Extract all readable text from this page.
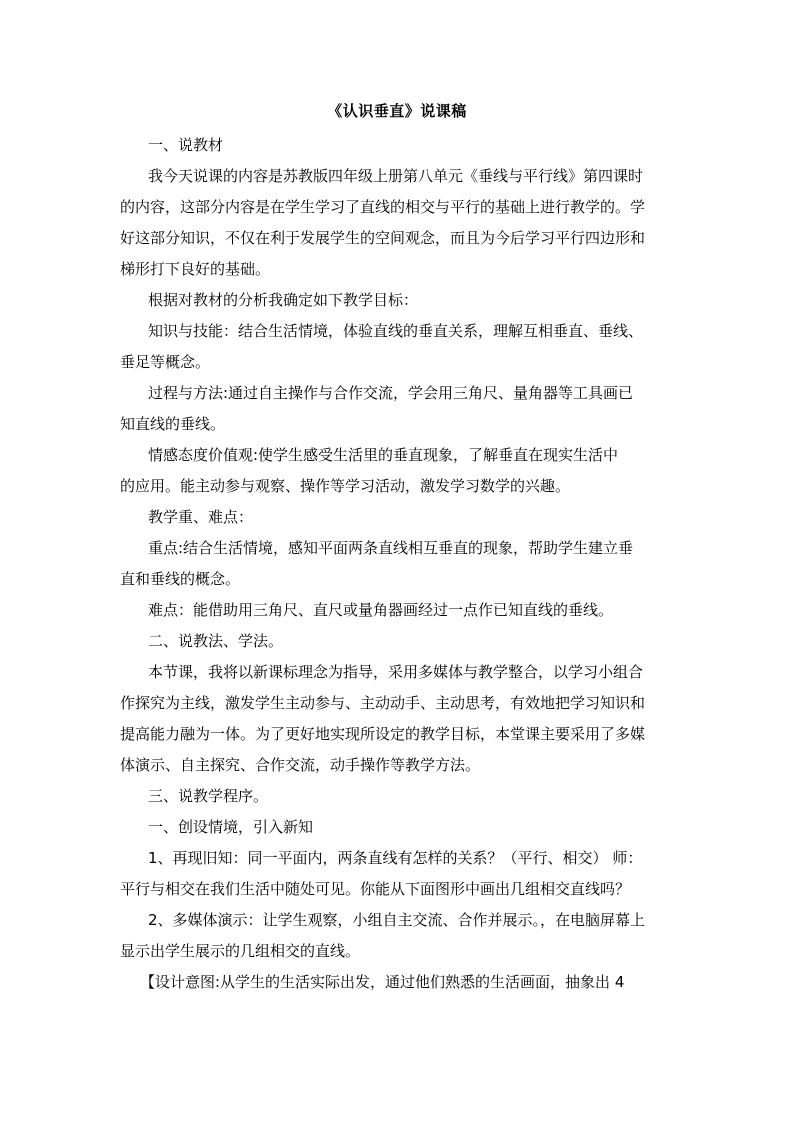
《认识垂直》说课稿
一、说教材
我今天说课的内容是苏教版四年级上册第八单元《垂线与平行线》第四课时
的内容，这部分内容是在学生学习了直线的相交与平行的基础上进行教学的。学
好这部分知识，不仅在利于发展学生的空间观念，而且为今后学习平行四边形和
梯形打下良好的基础。
根据对教材的分析我确定如下教学目标：
知识与技能：结合生活情境，体验直线的垂直关系，理解互相垂直、垂线、
垂足等概念。
过程与方法:通过自主操作与合作交流，学会用三角尺、量角器等工具画已
知直线的垂线。
情感态度价值观:使学生感受生活里的垂直现象，了解垂直在现实生活中
的应用。能主动参与观察、操作等学习活动，激发学习数学的兴趣。
教学重、难点：
重点:结合生活情境，感知平面两条直线相互垂直的现象，帮助学生建立垂
直和垂线的概念。
难点：能借助用三角尺、直尺或量角器画经过一点作已知直线的垂线。
二、说教法、学法。
本节课，我将以新课标理念为指导，采用多媒体与教学整合，以学习小组合
作探究为主线，激发学生主动参与、主动动手、主动思考，有效地把学习知识和
提高能力融为一体。为了更好地实现所设定的教学目标，本堂课主要采用了多媒
体演示、自主探究、合作交流，动手操作等教学方法。
三、说教学程序。
一、创设情境，引入新知
1、再现旧知：同一平面内，两条直线有怎样的关系？（平行、相交） 师：
平行与相交在我们生活中随处可见。你能从下面图形中画出几组相交直线吗？
2、多媒体演示：让学生观察，小组自主交流、合作并展示。，在电脑屏幕上
显示出学生展示的几组相交的直线。
【设计意图:从学生的生活实际出发，通过他们熟悉的生活画面，抽象出 4
